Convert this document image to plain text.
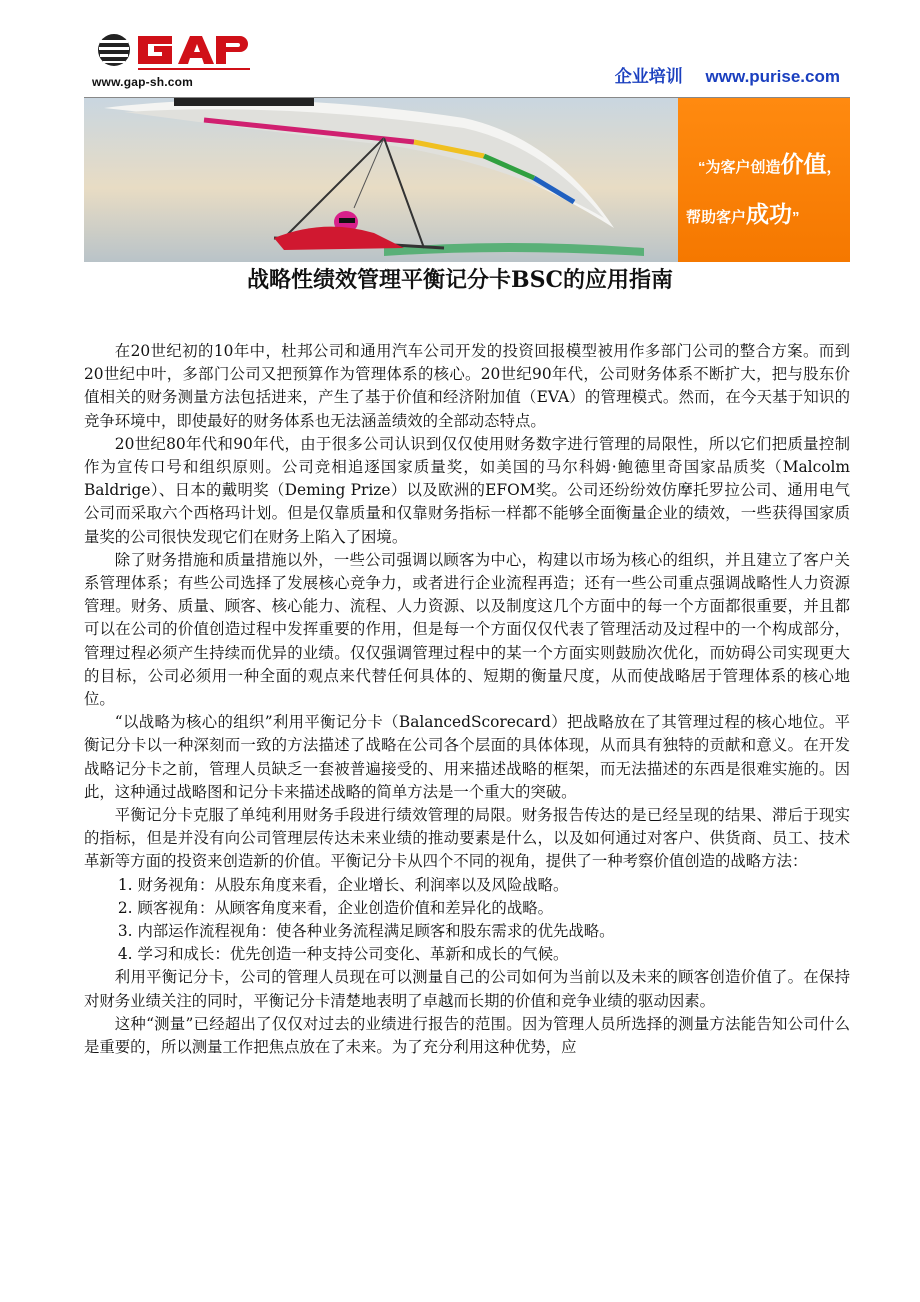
www.gap-sh.com	企业培训 www.purise.com
“为客户创造价值，
帮助客户成功”
战略性绩效管理平衡记分卡BSC的应用指南

在20世纪初的10年中，杜邦公司和通用汽车公司开发的投资回报模型被用作多部门公司的整合方案。而到20世纪中叶，多部门公司又把预算作为管理体系的核心。20世纪90年代，公司财务体系不断扩大，把与股东价值相关的财务测量方法包括进来，产生了基于价值和经济附加值（EVA）的管理模式。然而，在今天基于知识的竞争环境中，即使最好的财务体系也无法涵盖绩效的全部动态特点。

20世纪80年代和90年代，由于很多公司认识到仅仅使用财务数字进行管理的局限性，所以它们把质量控制作为宣传口号和组织原则。公司竞相追逐国家质量奖，如美国的马尔科姆·鲍德里奇国家品质奖（Malcolm Baldrige）、日本的戴明奖（Deming Prize）以及欧洲的EFOM奖。公司还纷纷效仿摩托罗拉公司、通用电气公司而采取六个西格玛计划。但是仅靠质量和仅靠财务指标一样都不能够全面衡量企业的绩效，一些获得国家质量奖的公司很快发现它们在财务上陷入了困境。

除了财务措施和质量措施以外，一些公司强调以顾客为中心，构建以市场为核心的组织，并且建立了客户关系管理体系；有些公司选择了发展核心竞争力，或者进行企业流程再造；还有一些公司重点强调战略性人力资源管理。财务、质量、顾客、核心能力、流程、人力资源、以及制度这几个方面中的每一个方面都很重要，并且都可以在公司的价值创造过程中发挥重要的作用，但是每一个方面仅仅代表了管理活动及过程中的一个构成部分，管理过程必须产生持续而优异的业绩。仅仅强调管理过程中的某一个方面实则鼓励次优化，而妨碍公司实现更大的目标，公司必须用一种全面的观点来代替任何具体的、短期的衡量尺度，从而使战略居于管理体系的核心地位。

“以战略为核心的组织”利用平衡记分卡（BalancedScorecard）把战略放在了其管理过程的核心地位。平衡记分卡以一种深刻而一致的方法描述了战略在公司各个层面的具体体现，从而具有独特的贡献和意义。在开发战略记分卡之前，管理人员缺乏一套被普遍接受的、用来描述战略的框架，而无法描述的东西是很难实施的。因此，这种通过战略图和记分卡来描述战略的简单方法是一个重大的突破。

平衡记分卡克服了单纯利用财务手段进行绩效管理的局限。财务报告传达的是已经呈现的结果、滞后于现实的指标，但是并没有向公司管理层传达未来业绩的推动要素是什么，以及如何通过对客户、供货商、员工、技术革新等方面的投资来创造新的价值。平衡记分卡从四个不同的视角，提供了一种考察价值创造的战略方法：

1. 财务视角：从股东角度来看，企业增长、利润率以及风险战略。
2. 顾客视角：从顾客角度来看，企业创造价值和差异化的战略。
3. 内部运作流程视角：使各种业务流程满足顾客和股东需求的优先战略。
4. 学习和成长：优先创造一种支持公司变化、革新和成长的气候。

利用平衡记分卡，公司的管理人员现在可以测量自己的公司如何为当前以及未来的顾客创造价值了。在保持对财务业绩关注的同时，平衡记分卡清楚地表明了卓越而长期的价值和竞争业绩的驱动因素。

这种“测量”已经超出了仅仅对过去的业绩进行报告的范围。因为管理人员所选择的测量方法能告知公司什么是重要的，所以测量工作把焦点放在了未来。为了充分利用这种优势，应
